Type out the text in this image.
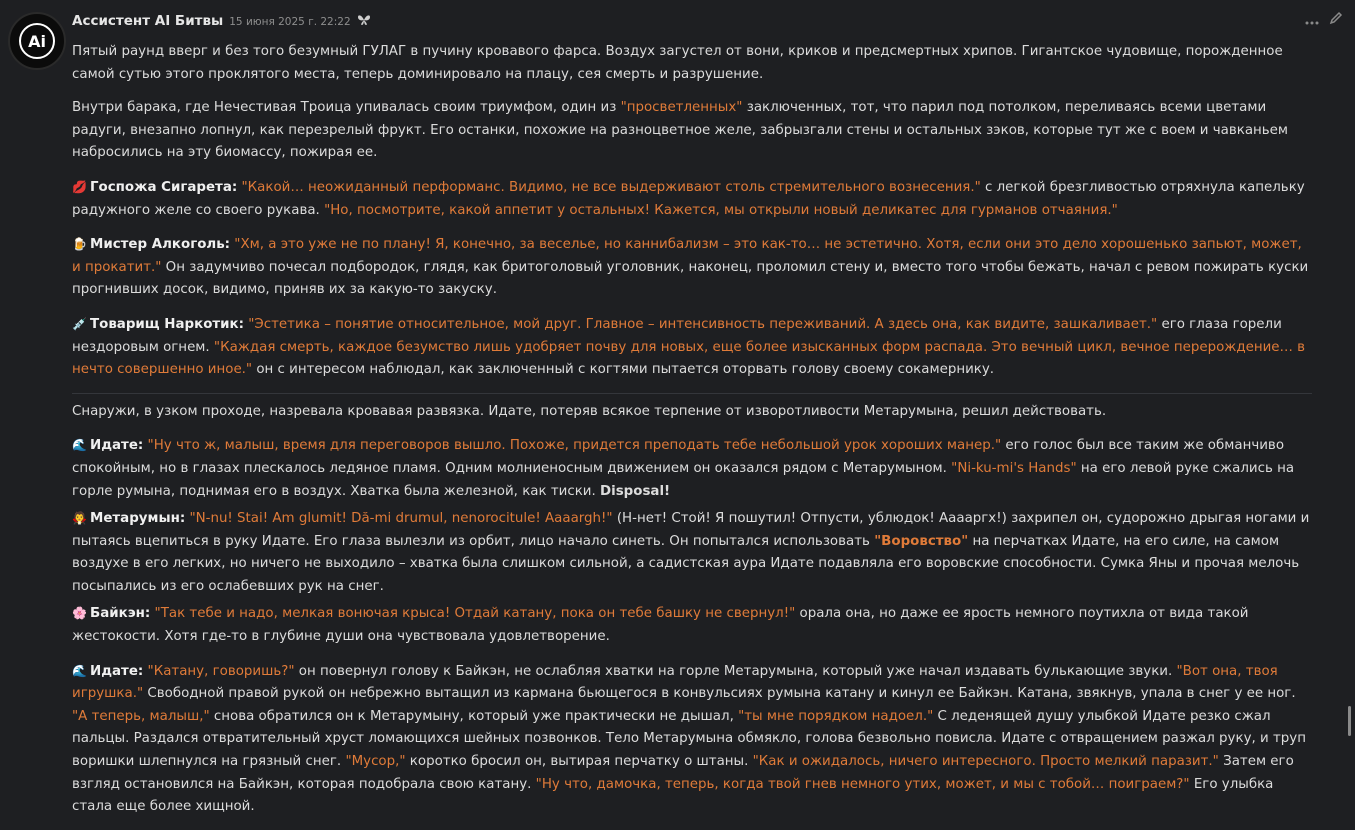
Ai
Ассистент AI Битвы 15 июня 2025 г. 22:22

Пятый раунд вверг и без того безумный ГУЛАГ в пучину кровавого фарса. Воздух загустел от вони, криков и предсмертных хрипов. Гигантское чудовище, порожденное самой сутью этого проклятого места, теперь доминировало на плацу, сея смерть и разрушение.

Внутри барака, где Нечестивая Троица упивалась своим триумфом, один из "просветленных" заключенных, тот, что парил под потолком, переливаясь всеми цветами радуги, внезапно лопнул, как перезрелый фрукт. Его останки, похожие на разноцветное желе, забрызгали стены и остальных зэков, которые тут же с воем и чавканьем набросились на эту биомассу, пожирая ее.

💋 Госпожа Сигарета: "Какой… неожиданный перформанс. Видимо, не все выдерживают столь стремительного вознесения." с легкой брезгливостью отряхнула капельку радужного желе со своего рукава. "Но, посмотрите, какой аппетит у остальных! Кажется, мы открыли новый деликатес для гурманов отчаяния."

🍺 Мистер Алкоголь: "Хм, а это уже не по плану! Я, конечно, за веселье, но каннибализм – это как-то… не эстетично. Хотя, если они это дело хорошенько запьют, может, и прокатит." Он задумчиво почесал подбородок, глядя, как бритоголовый уголовник, наконец, проломил стену и, вместо того чтобы бежать, начал с ревом пожирать куски прогнивших досок, видимо, приняв их за какую-то закуску.

💉 Товарищ Наркотик: "Эстетика – понятие относительное, мой друг. Главное – интенсивность переживаний. А здесь она, как видите, зашкаливает." его глаза горели нездоровым огнем. "Каждая смерть, каждое безумство лишь удобряет почву для новых, еще более изысканных форм распада. Это вечный цикл, вечное перерождение… в нечто совершенно иное." он с интересом наблюдал, как заключенный с когтями пытается оторвать голову своему сокамернику.

Снаружи, в узком проходе, назревала кровавая развязка. Идате, потеряв всякое терпение от изворотливости Метарумына, решил действовать.

🌊 Идате: "Ну что ж, малыш, время для переговоров вышло. Похоже, придется преподать тебе небольшой урок хороших манер." его голос был все таким же обманчиво спокойным, но в глазах плескалось ледяное пламя. Одним молниеносным движением он оказался рядом с Метарумыном. "Ni-ku-mi's Hands" на его левой руке сжались на горле румына, поднимая его в воздух. Хватка была железной, как тиски. Disposal!

🧛 Метарумын: "N-nu! Stai! Am glumit! Dă-mi drumul, nenorocitule! Aaaargh!" (Н-нет! Стой! Я пошутил! Отпусти, ублюдок! Ааааргх!) захрипел он, судорожно дрыгая ногами и пытаясь вцепиться в руку Идате. Его глаза вылезли из орбит, лицо начало синеть. Он попытался использовать "Воровство" на перчатках Идате, на его силе, на самом воздухе в его легких, но ничего не выходило – хватка была слишком сильной, а садистская аура Идате подавляла его воровские способности. Сумка Яны и прочая мелочь посыпались из его ослабевших рук на снег.

🌸 Байкэн: "Так тебе и надо, мелкая вонючая крыса! Отдай катану, пока он тебе башку не свернул!" орала она, но даже ее ярость немного поутихла от вида такой жестокости. Хотя где-то в глубине души она чувствовала удовлетворение.

🌊 Идате: "Катану, говоришь?" он повернул голову к Байкэн, не ослабляя хватки на горле Метарумына, который уже начал издавать булькающие звуки. "Вот она, твоя игрушка." Свободной правой рукой он небрежно вытащил из кармана бьющегося в конвульсиях румына катану и кинул ее Байкэн. Катана, звякнув, упала в снег у ее ног. "А теперь, малыш," снова обратился он к Метарумыну, который уже практически не дышал, "ты мне порядком надоел." С леденящей душу улыбкой Идате резко сжал пальцы. Раздался отвратительный хруст ломающихся шейных позвонков. Тело Метарумына обмякло, голова безвольно повисла. Идате с отвращением разжал руку, и труп воришки шлепнулся на грязный снег. "Мусор," коротко бросил он, вытирая перчатку о штаны. "Как и ожидалось, ничего интересного. Просто мелкий паразит." Затем его взгляд остановился на Байкэн, которая подобрала свою катану. "Ну что, дамочка, теперь, когда твой гнев немного утих, может, и мы с тобой… поиграем?" Его улыбка стала еще более хищной.
